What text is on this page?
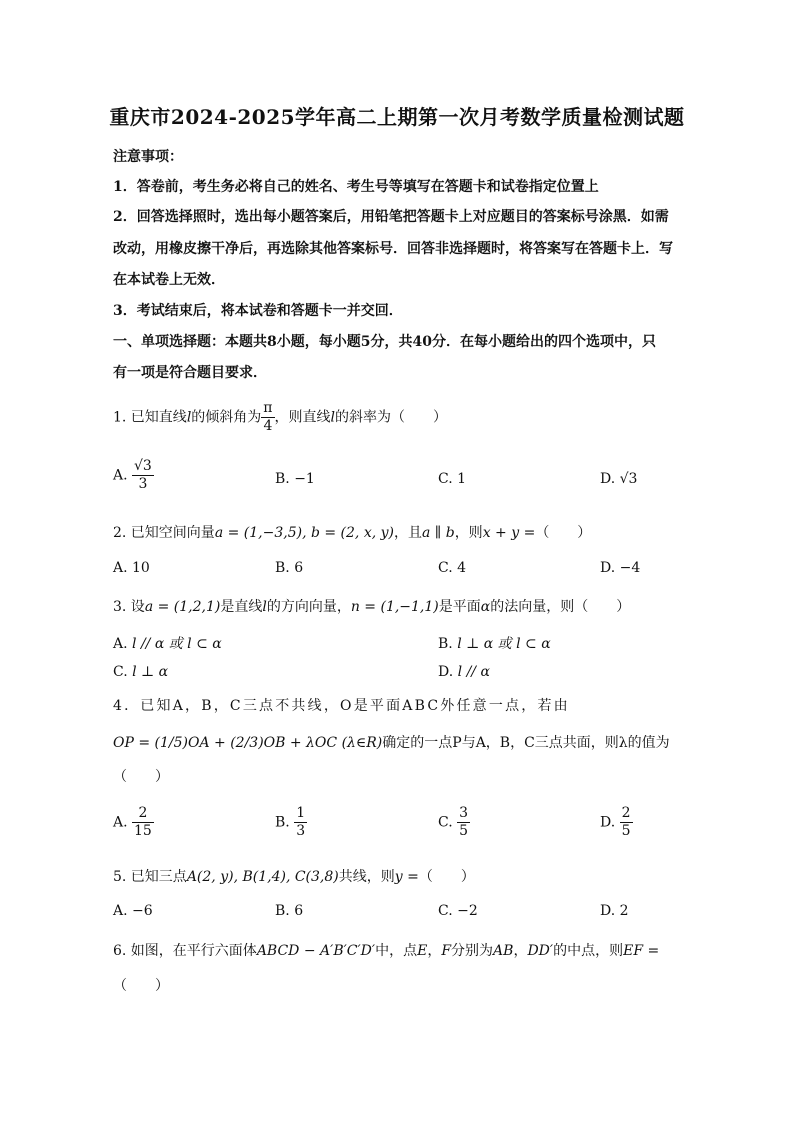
重庆市2024-2025学年高二上期第一次月考数学质量检测试题
注意事项：
1．答卷前，考生务必将自己的姓名、考生号等填写在答题卡和试卷指定位置上
2．回答选择照时，选出每小题答案后，用铅笔把答题卡上对应题目的答案标号涂黑．如需
改动，用橡皮擦干净后，再选除其他答案标号．回答非选择题时，将答案写在答题卡上．写
在本试卷上无效．
3．考试结束后，将本试卷和答题卡一并交回．
一、单项选择题：本题共8小题，每小题5分，共40分．在每小题给出的四个选项中，只
有一项是符合题目要求．
1. 已知直线l的倾斜角为 $\frac{\pi}{4}$ ，则直线l的斜率为（　　）
A. $\frac{√3}{3}$	B. −1	C. 1	D. √3
2. 已知空间向量a = (1,−3,5), b = (2, x, y)，且a ∥ b，则x + y =（　　）
A. 10	B. 6	C. 4	D. −4
3. 设a = (1,2,1)是直线l的方向向量，n = (1,−1,1)是平面α的法向量，则（　　）
A. l // α 或 l ⊂ α	B. l ⊥ α 或 l ⊂ α
C. l ⊥ α	D. l // α
4．已知A，B，C三点不共线，O是平面ABC外任意一点，若由
OP = (1/5)OA + (2/3)OB + λOC (λ∈R)确定的一点P与A，B，C三点共面，则λ的值为
（　　）
A. $\frac{2}{15}$	B. $\frac{1}{3}$	C. $\frac{3}{5}$	D. $\frac{2}{5}$
5. 已知三点A(2, y), B(1,4), C(3,8)共线，则y =（　　）
A. −6	B. 6	C. −2	D. 2
6. 如图，在平行六面体ABCD − A′B′C′D′中，点E，F分别为AB，DD′的中点，则EF =
（　　）
